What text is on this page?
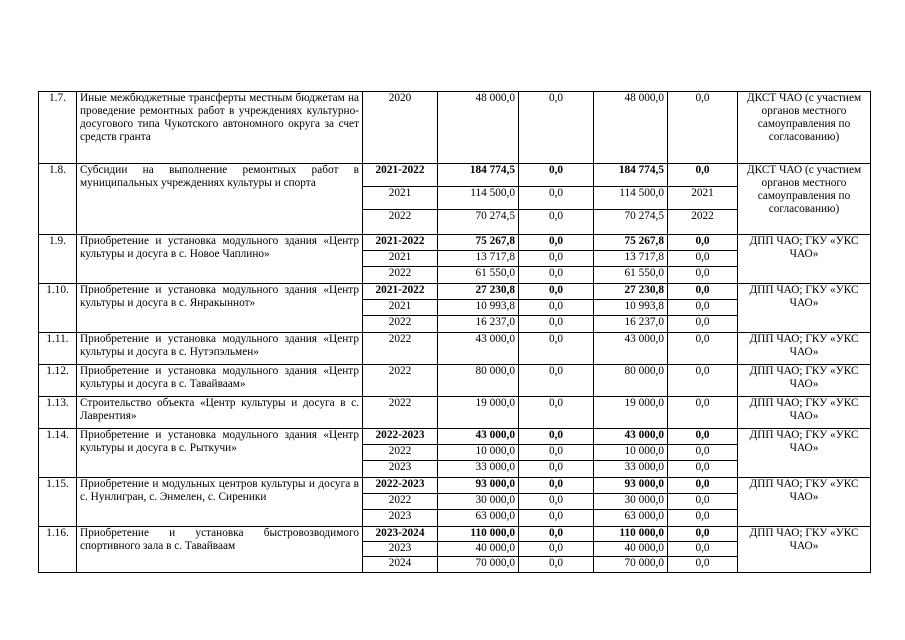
1.7.	Иные межбюджетные трансферты местным бюджетам на проведение ремонтных работ в учреждениях культурно-досугового типа Чукотского автономного округа за счет средств гранта	2020	48 000,0	0,0	48 000,0	0,0	ДКСТ ЧАО (с участием органов местного самоуправления по согласованию)
1.8.	Субсидии на выполнение ремонтных работ в муниципальных учреждениях культуры и спорта	2021-2022	184 774,5	0,0	184 774,5	0,0	ДКСТ ЧАО (с участием органов местного самоуправления по согласованию)
		2021	114 500,0	0,0	114 500,0	2021	
		2022	70 274,5	0,0	70 274,5	2022	
1.9.	Приобретение и установка модульного здания «Центр культуры и досуга в с. Новое Чаплино»	2021-2022	75 267,8	0,0	75 267,8	0,0	ДПП ЧАО; ГКУ «УКС ЧАО»
		2021	13 717,8	0,0	13 717,8	0,0	
		2022	61 550,0	0,0	61 550,0	0,0	
1.10.	Приобретение и установка модульного здания «Центр культуры и досуга в с. Янракыннот»	2021-2022	27 230,8	0,0	27 230,8	0,0	ДПП ЧАО; ГКУ «УКС ЧАО»
		2021	10 993,8	0,0	10 993,8	0,0	
		2022	16 237,0	0,0	16 237,0	0,0	
1.11.	Приобретение и установка модульного здания «Центр культуры и досуга в с. Нутэпэльмен»	2022	43 000,0	0,0	43 000,0	0,0	ДПП ЧАО; ГКУ «УКС ЧАО»
1.12.	Приобретение и установка модульного здания «Центр культуры и досуга в с. Тавайваам»	2022	80 000,0	0,0	80 000,0	0,0	ДПП ЧАО; ГКУ «УКС ЧАО»
1.13.	Строительство объекта «Центр культуры и досуга в с. Лаврентия»	2022	19 000,0	0,0	19 000,0	0,0	ДПП ЧАО; ГКУ «УКС ЧАО»
1.14.	Приобретение и установка модульного здания «Центр культуры и досуга в с. Рыткучи»	2022-2023	43 000,0	0,0	43 000,0	0,0	ДПП ЧАО; ГКУ «УКС ЧАО»
		2022	10 000,0	0,0	10 000,0	0,0	
		2023	33 000,0	0,0	33 000,0	0,0	
1.15.	Приобретение и модульных центров культуры и досуга в с. Нунлигран, с. Энмелен, с. Сиреники	2022-2023	93 000,0	0,0	93 000,0	0,0	ДПП ЧАО; ГКУ «УКС ЧАО»
		2022	30 000,0	0,0	30 000,0	0,0	
		2023	63 000,0	0,0	63 000,0	0,0	
1.16.	Приобретение и установка быстровозводимого спортивного зала в с. Тавайваам	2023-2024	110 000,0	0,0	110 000,0	0,0	ДПП ЧАО; ГКУ «УКС ЧАО»
		2023	40 000,0	0,0	40 000,0	0,0	
		2024	70 000,0	0,0	70 000,0	0,0	
